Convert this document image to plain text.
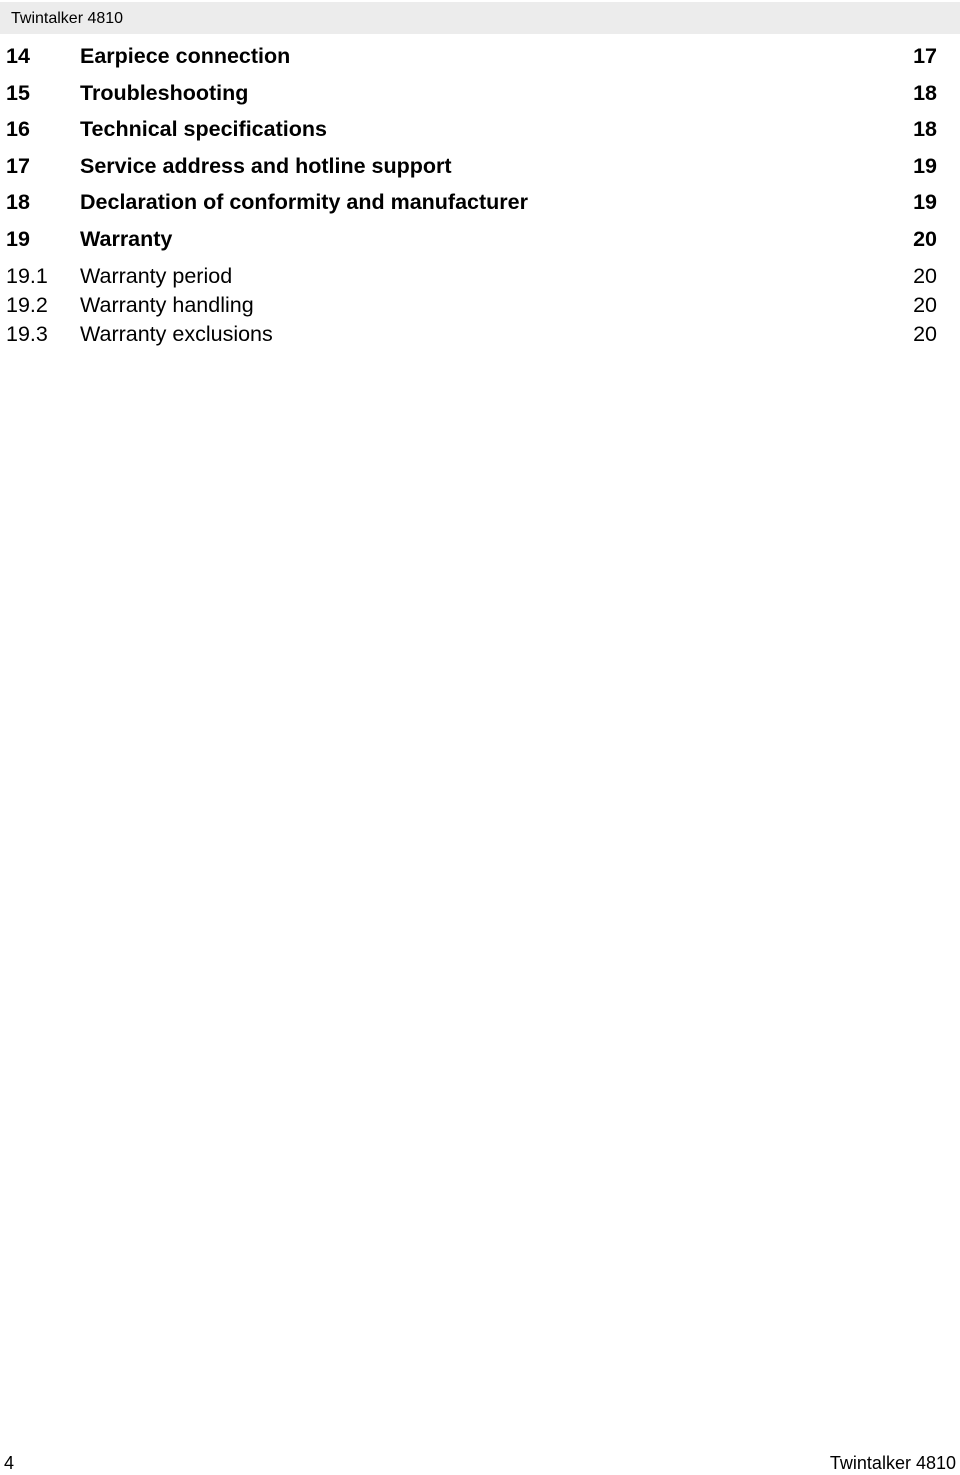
Twintalker 4810
14 Earpiece connection	17
15 Troubleshooting	18
16 Technical specifications	18
17 Service address and hotline support	19
18 Declaration of conformity and manufacturer	19
19 Warranty	20
19.1 Warranty period	20
19.2 Warranty handling	20
19.3 Warranty exclusions	20
4	Twintalker 4810
